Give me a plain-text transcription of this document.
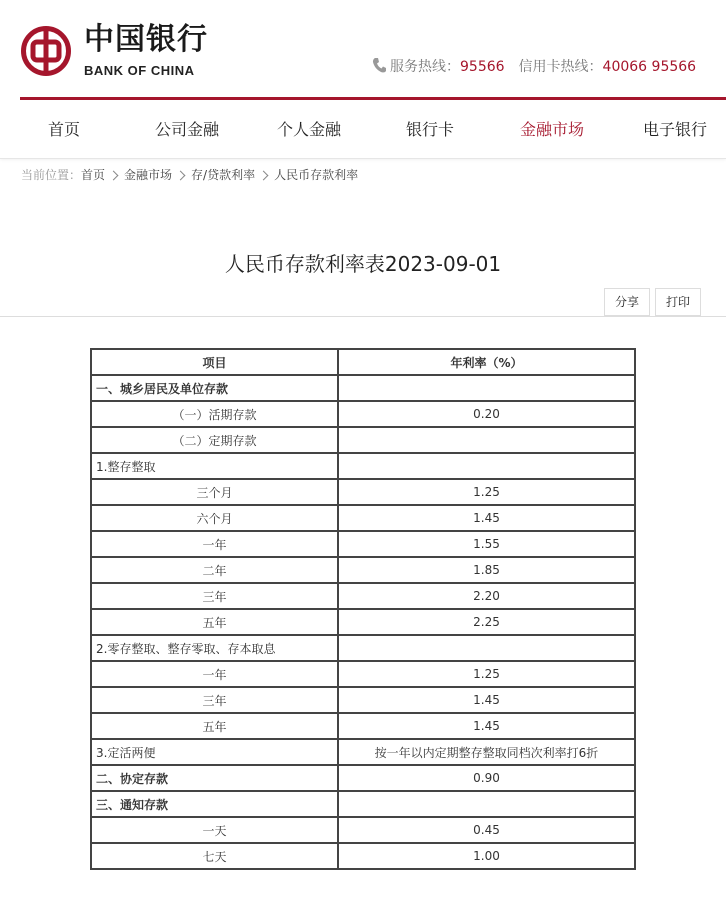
中国银行
BANK OF CHINA	服务热线：95566 信用卡热线：40066 95566
首页	公司金融	个人金融	银行卡	金融市场	电子银行
当前位置：首页 金融市场 存/贷款利率 人民币存款利率
人民币存款利率表2023-09-01
分享	打印
项目	年利率（%）
一、城乡居民及单位存款	
（一）活期存款	0.20
（二）定期存款	
1.整存整取	
三个月	1.25
六个月	1.45
一年	1.55
二年	1.85
三年	2.20
五年	2.25
2.零存整取、整存零取、存本取息	
一年	1.25
三年	1.45
五年	1.45
3.定活两便	按一年以内定期整存整取同档次利率打6折
二、协定存款	0.90
三、通知存款	
一天	0.45
七天	1.00
